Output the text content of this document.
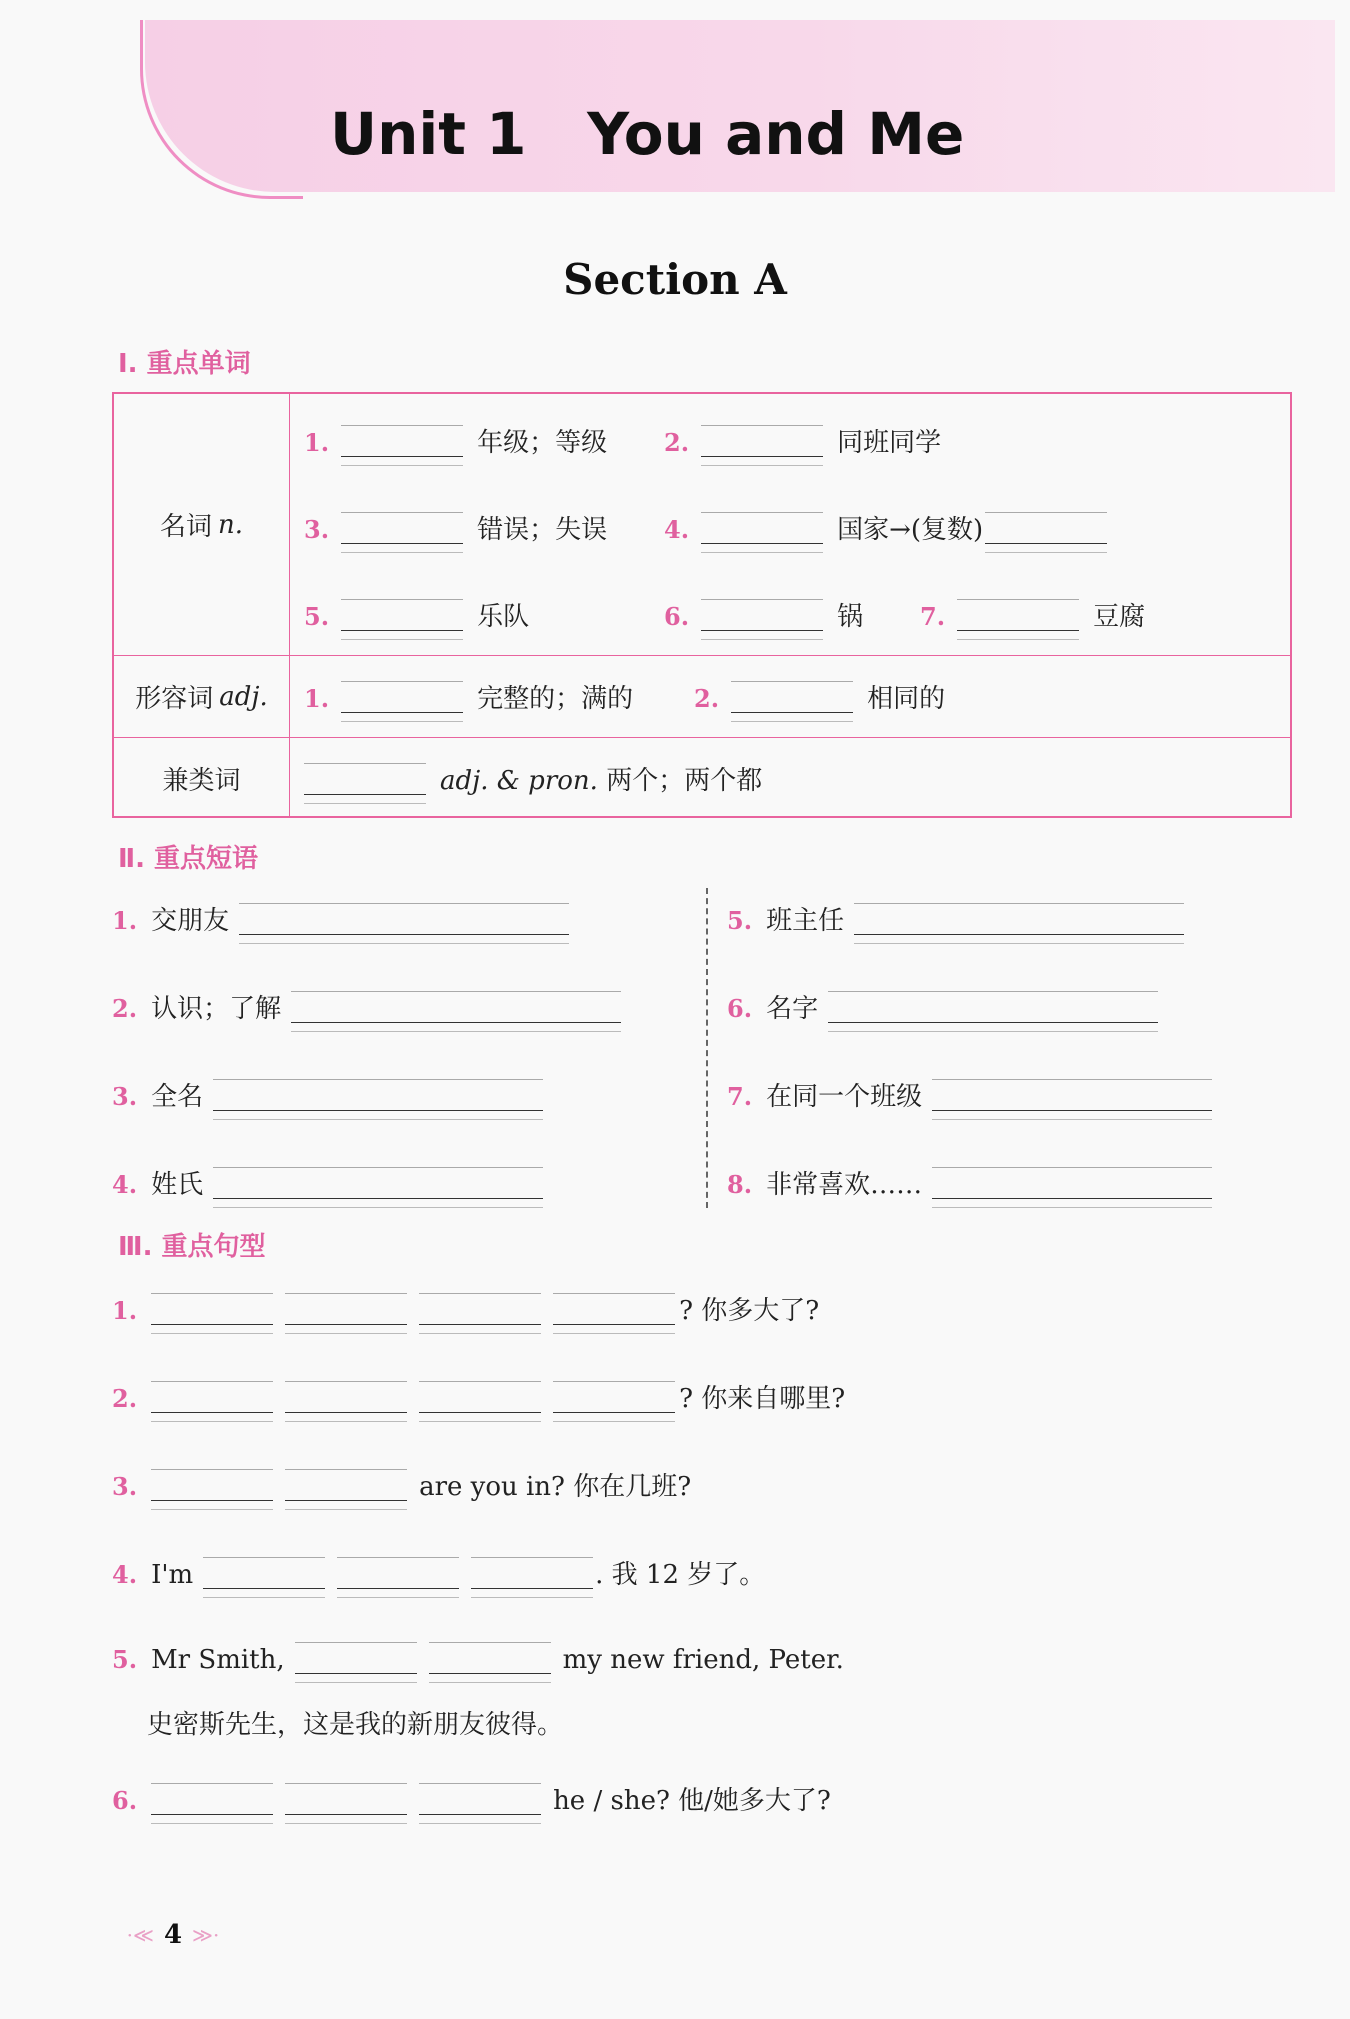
Unit 1   You and Me
Section A
Ⅰ. 重点单词
名词 n.
1.	年级；等级 2.	同班同学
3.	错误；失误 4.	国家→(复数)
5.	乐队	6.	锅 7.	豆腐
形容词 adj. 1.	完整的；满的	2.	相同的
兼类词	adj. & pron. 两个；两个都
Ⅱ. 重点短语
1. 交朋友
2. 认识；了解
3. 全名
4. 姓氏
5. 班主任
6. 名字
7. 在同一个班级
8. 非常喜欢……
Ⅲ. 重点句型
1.	? 你多大了?
2.	? 你来自哪里?
3.	are you in? 你在几班?
4. I'm	. 我 12 岁了。
5. Mr Smith,	my new friend, Peter.
史密斯先生，这是我的新朋友彼得。
6.	he / she? 他/她多大了?
·≪ 4 ≫·
